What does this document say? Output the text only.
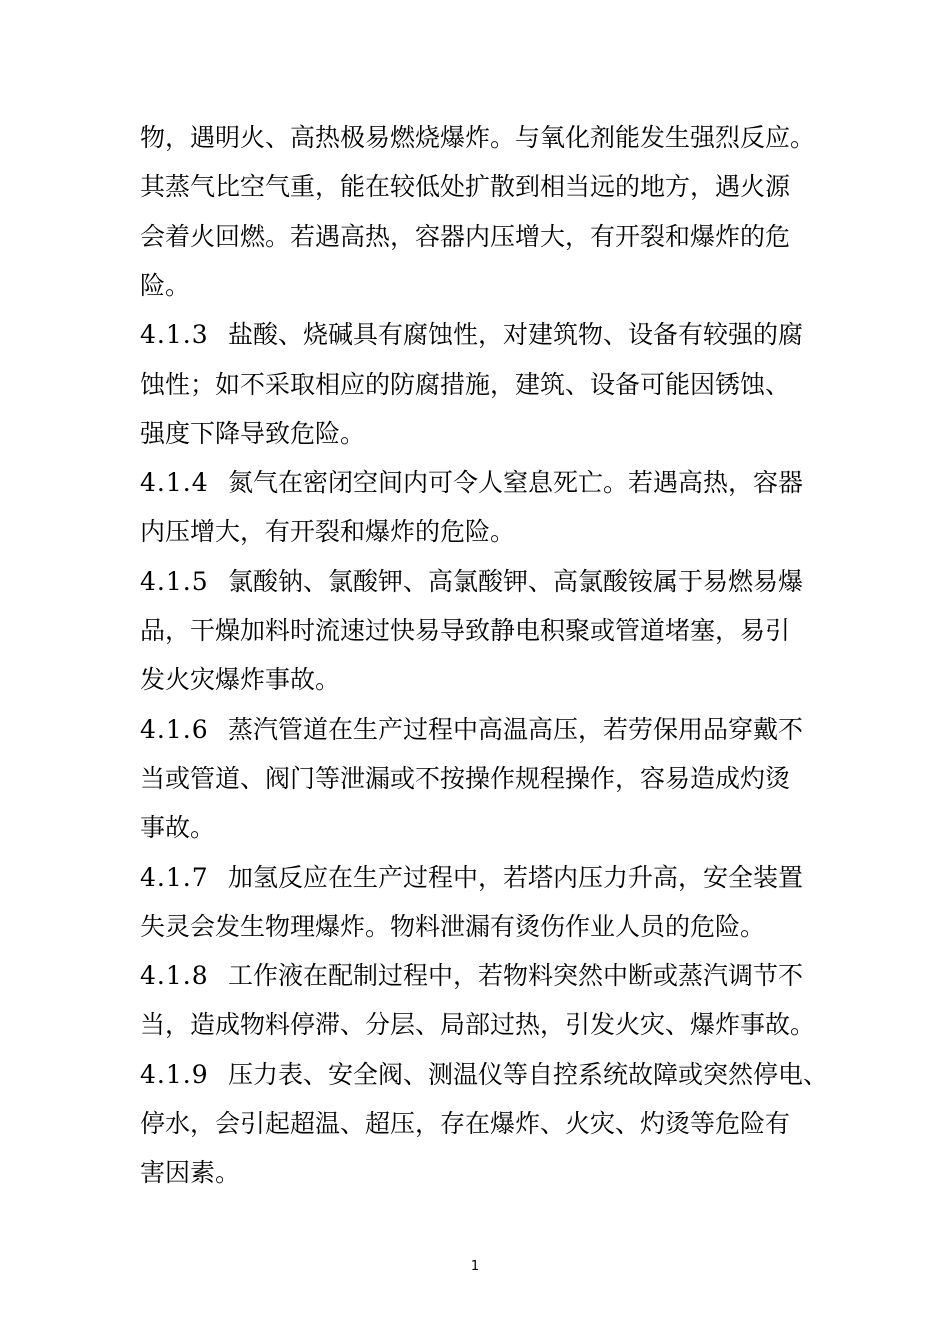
物，遇明火、高热极易燃烧爆炸。与氧化剂能发生强烈反应。
其蒸气比空气重，能在较低处扩散到相当远的地方，遇火源
会着火回燃。若遇高热，容器内压增大，有开裂和爆炸的危
险。
4.1.3 盐酸、烧碱具有腐蚀性，对建筑物、设备有较强的腐
蚀性；如不采取相应的防腐措施，建筑、设备可能因锈蚀、
强度下降导致危险。
4.1.4 氮气在密闭空间内可令人窒息死亡。若遇高热，容器
内压增大，有开裂和爆炸的危险。
4.1.5 氯酸钠、氯酸钾、高氯酸钾、高氯酸铵属于易燃易爆
品，干燥加料时流速过快易导致静电积聚或管道堵塞，易引
发火灾爆炸事故。
4.1.6 蒸汽管道在生产过程中高温高压，若劳保用品穿戴不
当或管道、阀门等泄漏或不按操作规程操作，容易造成灼烫
事故。
4.1.7 加氢反应在生产过程中，若塔内压力升高，安全装置
失灵会发生物理爆炸。物料泄漏有烫伤作业人员的危险。
4.1.8 工作液在配制过程中，若物料突然中断或蒸汽调节不
当，造成物料停滞、分层、局部过热，引发火灾、爆炸事故。
4.1.9 压力表、安全阀、测温仪等自控系统故障或突然停电、
停水，会引起超温、超压，存在爆炸、火灾、灼烫等危险有
害因素。
1
